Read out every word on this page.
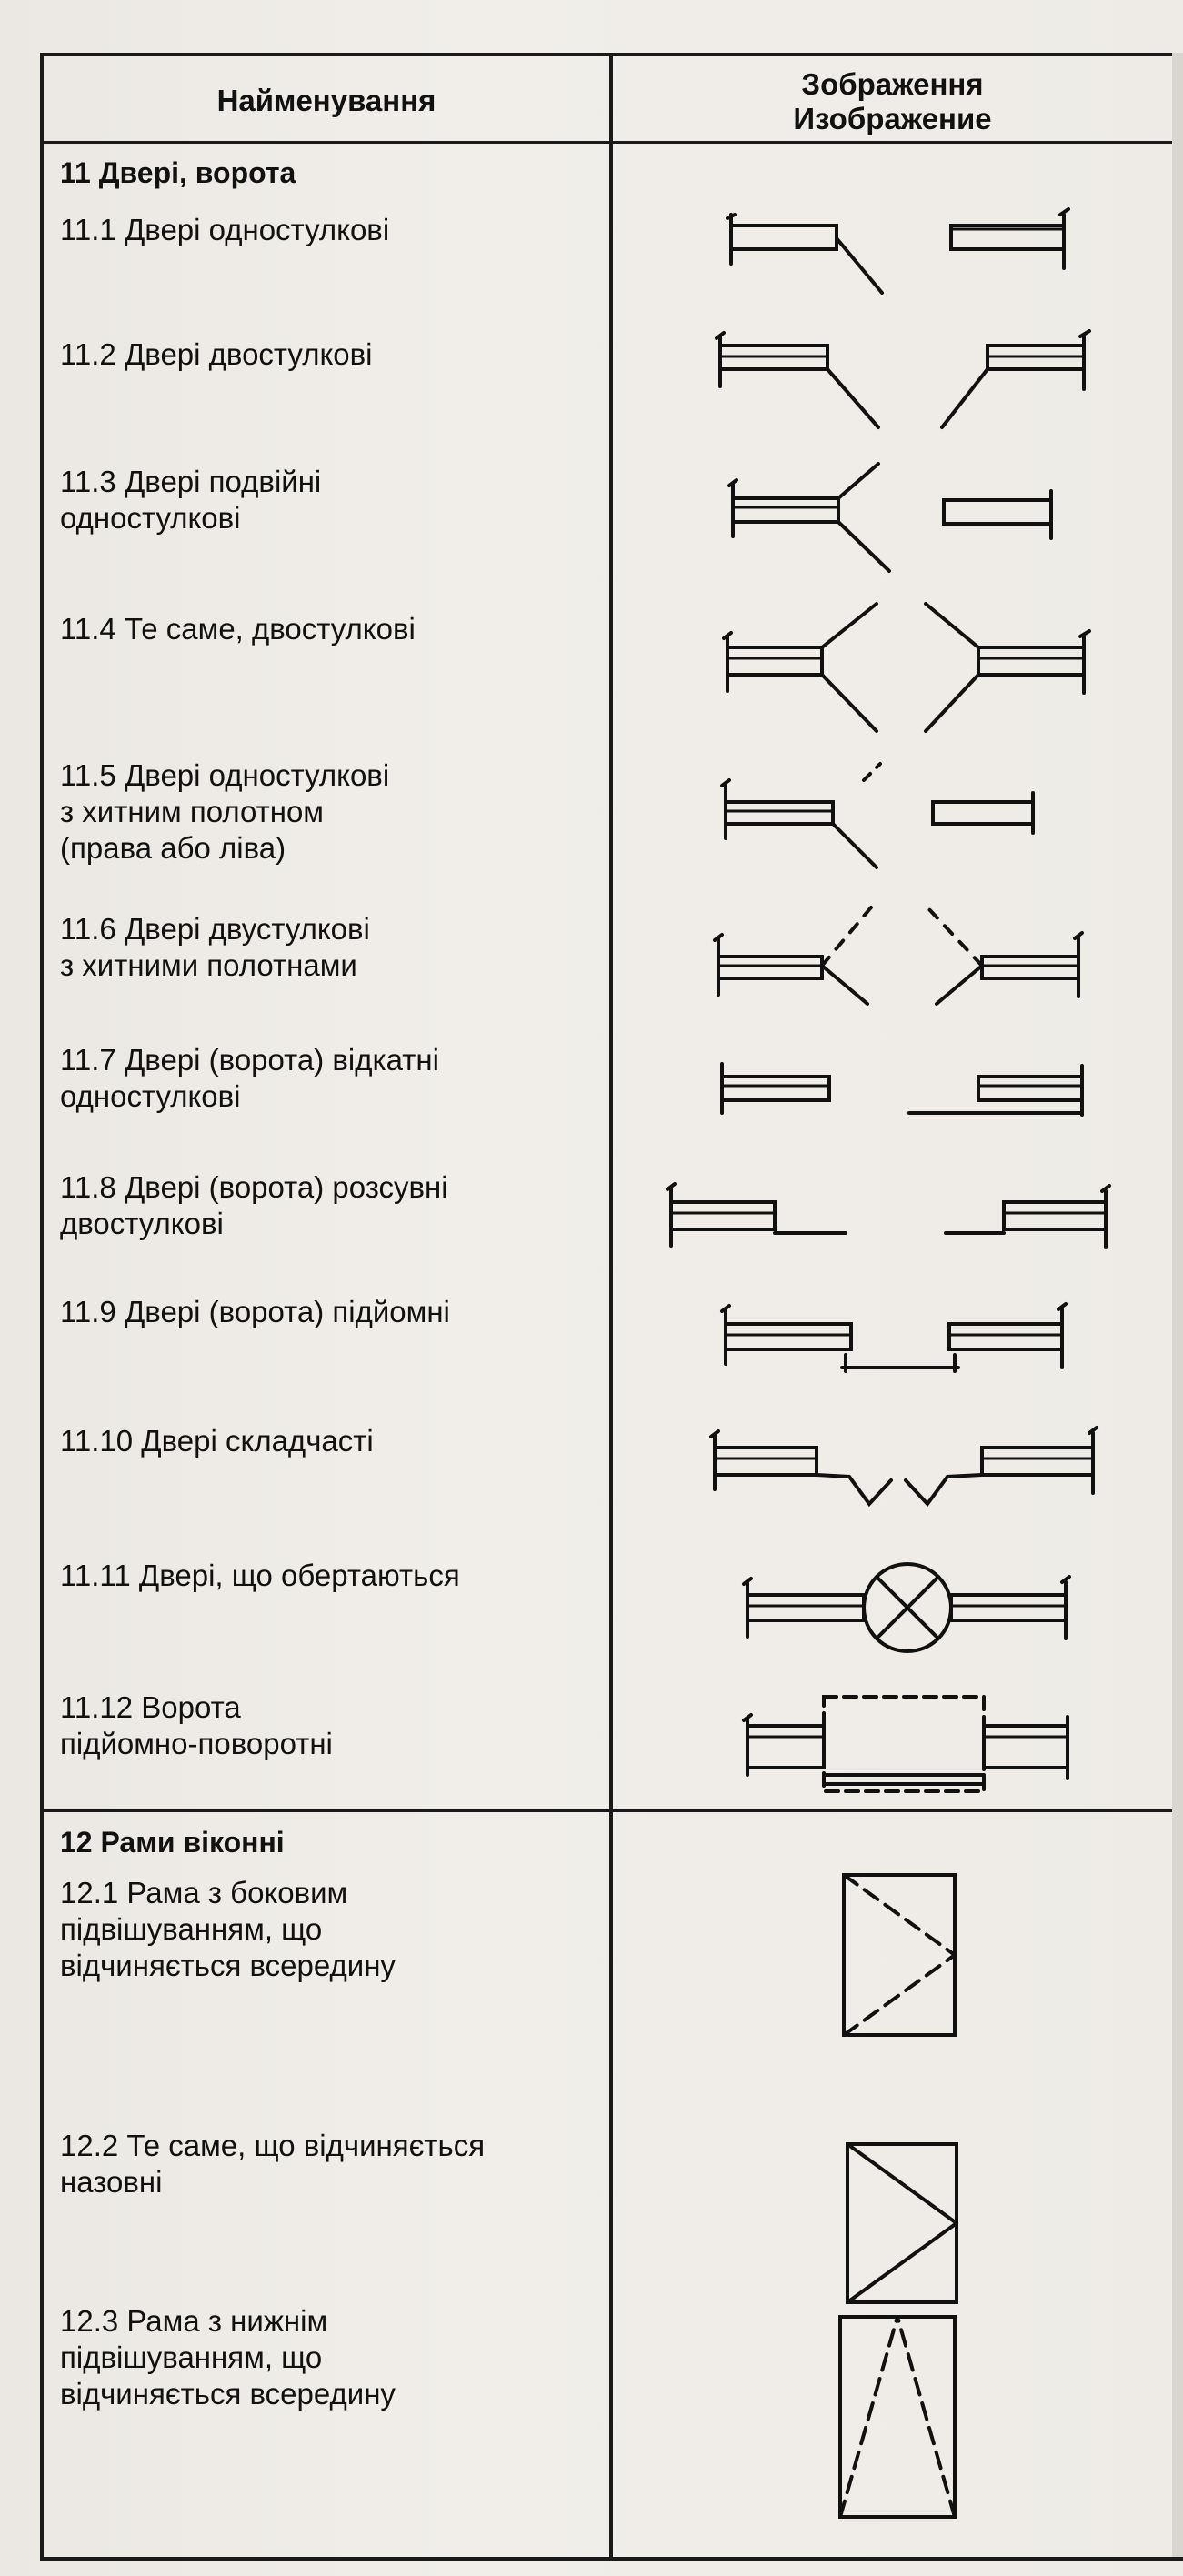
Найменування	Зображення
Изображение
11 Двері, ворота
11.1 Двері одностулкові
11.2 Двері двостулкові
11.3 Двері подвійні
одностулкові
11.4 Те саме, двостулкові
11.5 Двері одностулкові
з хитним полотном
(права або ліва)
11.6 Двері двустулкові
з хитними полотнами
11.7 Двері (ворота) відкатні
одностулкові
11.8 Двері (ворота) розсувні
двостулкові
11.9 Двері (ворота) підйомні
11.10 Двері складчасті
11.11 Двері, що обертаються
11.12 Ворота
підйомно-поворотні
12 Рами віконні
12.1 Рама з боковим
підвішуванням, що
відчиняється всередину
12.2 Те саме, що відчиняється
назовні
12.3 Рама з нижнім
підвішуванням, що
відчиняється всередину
